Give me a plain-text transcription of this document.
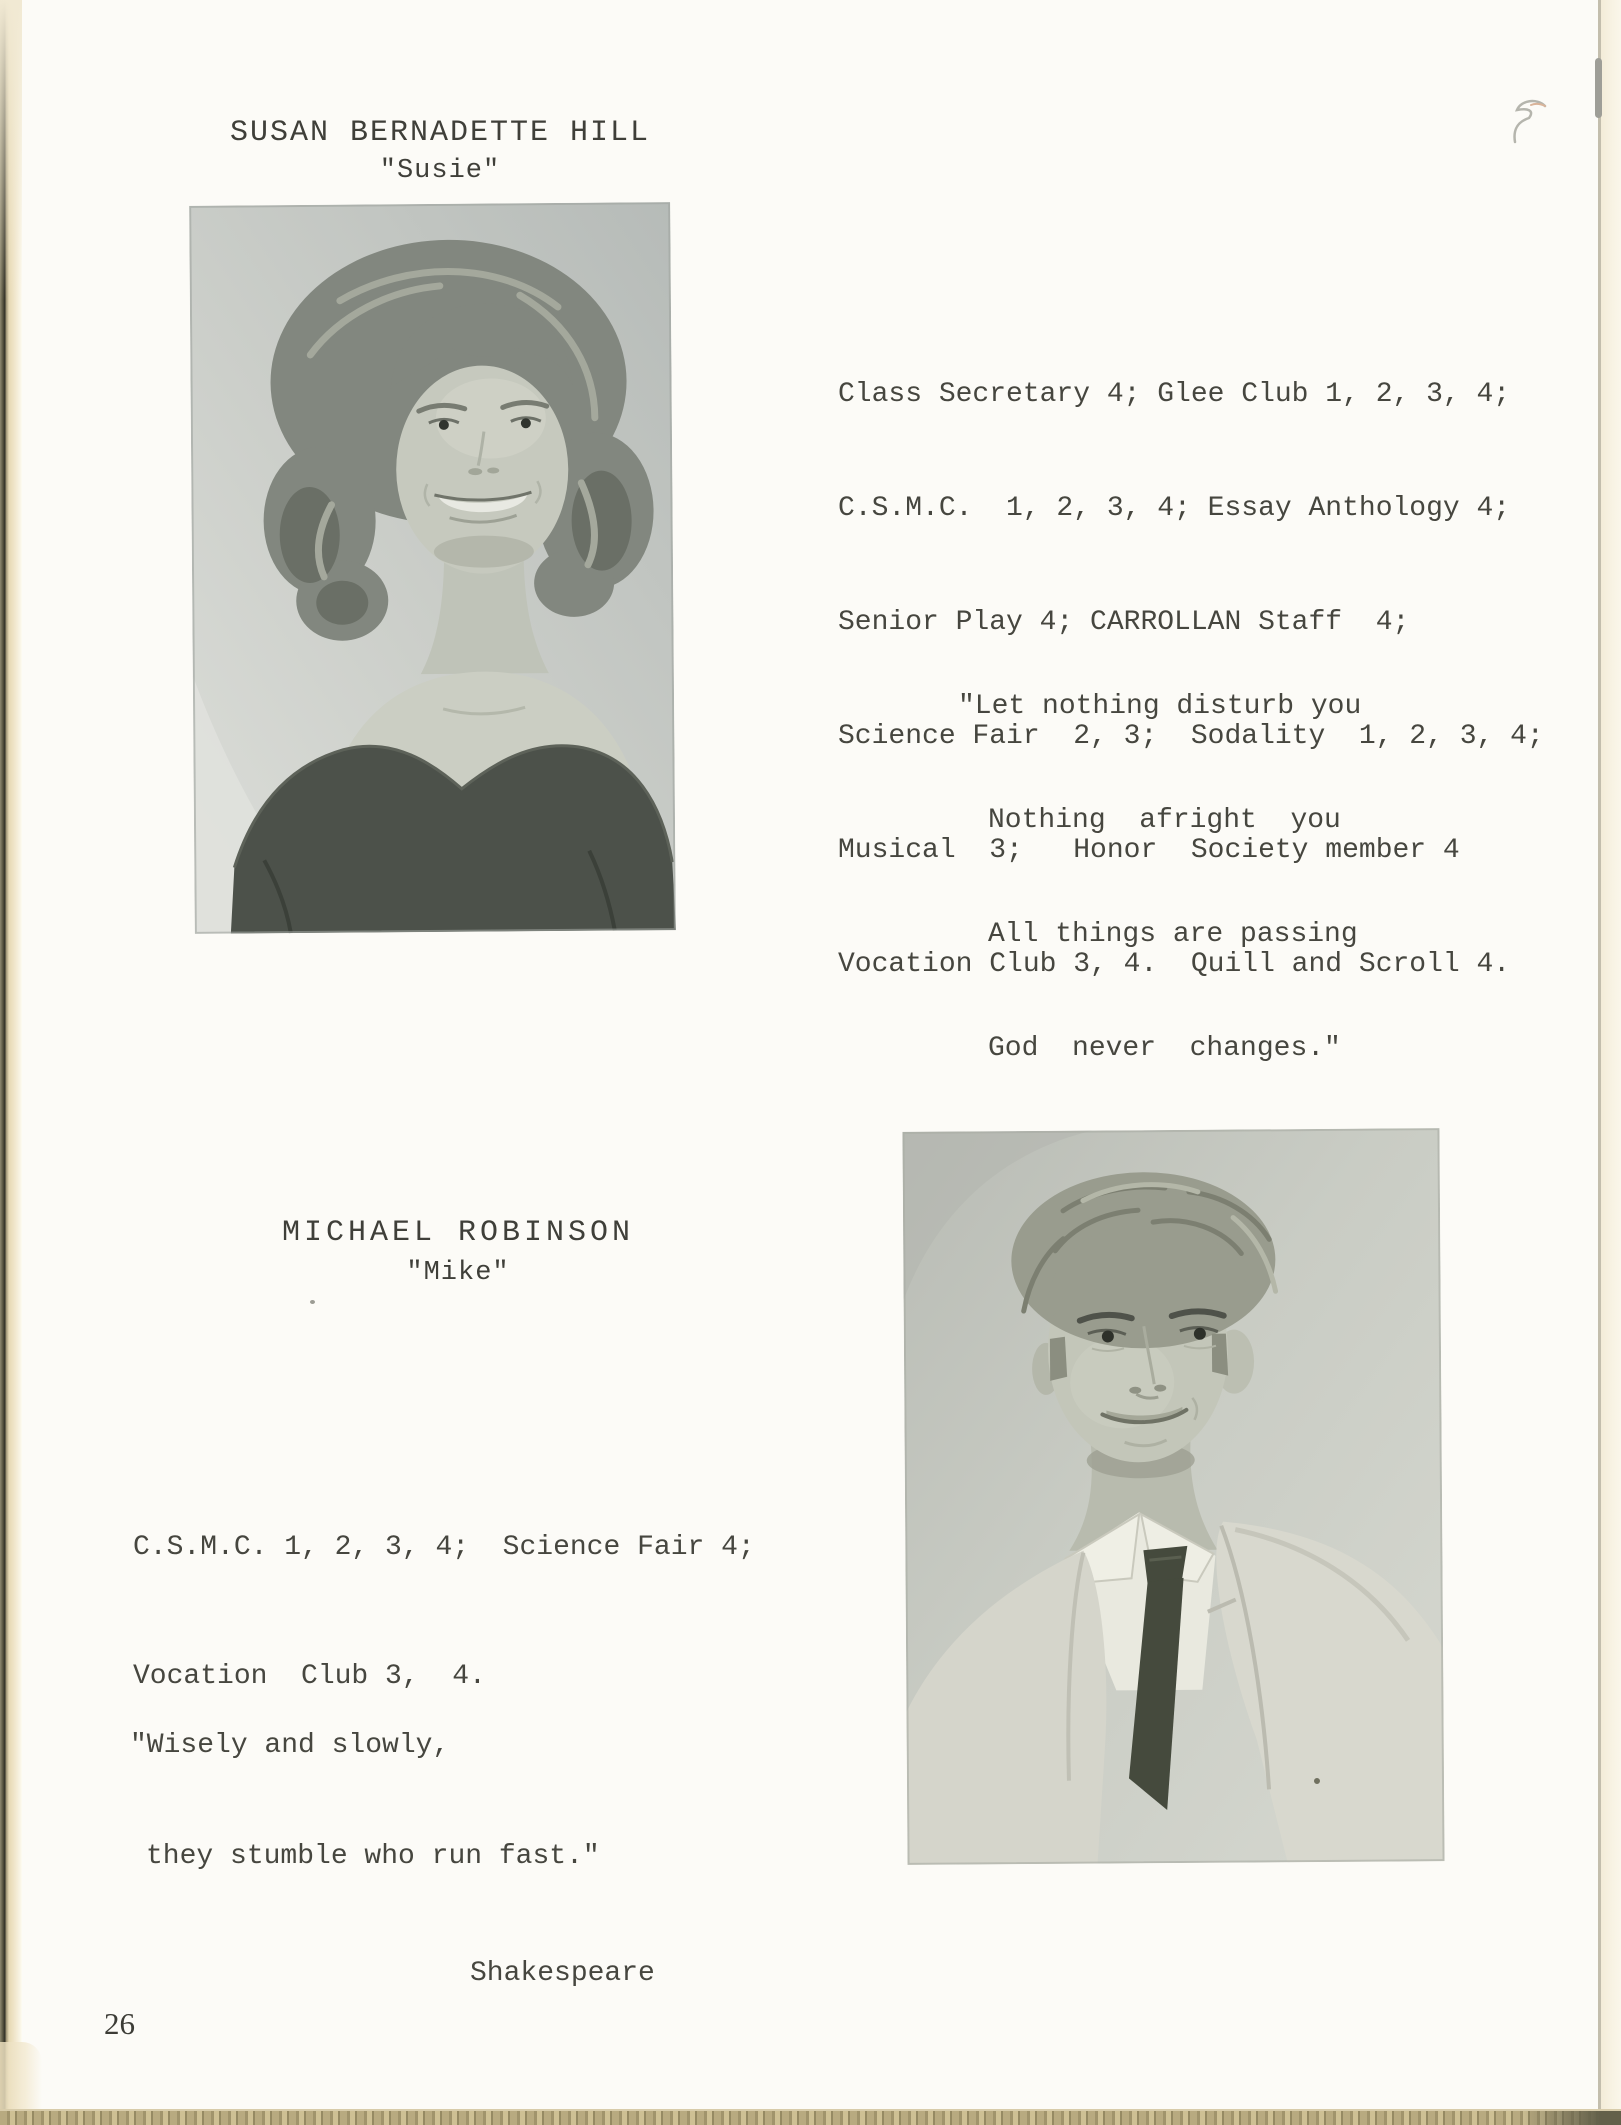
SUSAN BERNADETTE HILL
"Susie"

Class Secretary 4; Glee Club 1, 2, 3, 4;

C.S.M.C.  1, 2, 3, 4; Essay Anthology 4;

Senior Play 4; CARROLLAN Staff  4;

Science Fair  2, 3;  Sodality  1, 2, 3, 4;

Musical  3;   Honor  Society member 4

Vocation Club 3, 4.  Quill and Scroll 4.

"Let nothing disturb you

Nothing  afright  you

All things are passing

God  never  changes."

MICHAEL ROBINSON
"Mike"

C.S.M.C. 1, 2, 3, 4;  Science Fair 4;

Vocation  Club 3,  4.

"Wisely and slowly,

they stumble who run fast."

Shakespeare

26
